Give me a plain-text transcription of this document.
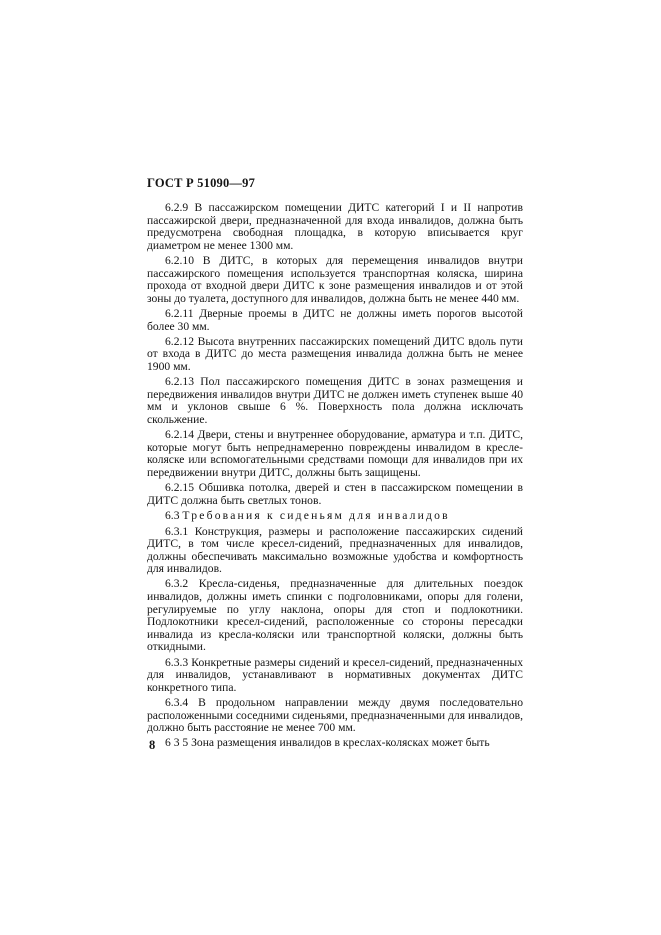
ГОСТ Р 51090—97

6.2.9 В пассажирском помещении ДИТС категорий I и II напротив пассажирской двери, предназначенной для входа инвалидов, должна быть предусмотрена свободная площадка, в которую вписывается круг диаметром не менее 1300 мм.

6.2.10 В ДИТС, в которых для перемещения инвалидов внутри пассажирского помещения используется транспортная коляска, ширина прохода от входной двери ДИТС к зоне размещения инвалидов и от этой зоны до туалета, доступного для инвалидов, должна быть не менее 440 мм.

6.2.11 Дверные проемы в ДИТС не должны иметь порогов высотой более 30 мм.

6.2.12 Высота внутренних пассажирских помещений ДИТС вдоль пути от входа в ДИТС до места размещения инвалида должна быть не менее 1900 мм.

6.2.13 Пол пассажирского помещения ДИТС в зонах размещения и передвижения инвалидов внутри ДИТС не должен иметь ступенек выше 40 мм и уклонов свыше 6 %. Поверхность пола должна исключать скольжение.

6.2.14 Двери, стены и внутреннее оборудование, арматура и т.п. ДИТС, которые могут быть непреднамеренно повреждены инвалидом в кресле-коляске или вспомогательными средствами помощи для инвалидов при их передвижении внутри ДИТС, должны быть защищены.

6.2.15 Обшивка потолка, дверей и стен в пассажирском помещении в ДИТС должна быть светлых тонов.

6.3 Требования к сиденьям для инвалидов

6.3.1 Конструкция, размеры и расположение пассажирских сидений ДИТС, в том числе кресел-сидений, предназначенных для инвалидов, должны обеспечивать максимально возможные удобства и комфортность для инвалидов.

6.3.2 Кресла-сиденья, предназначенные для длительных поездок инвалидов, должны иметь спинки с подголовниками, опоры для голени, регулируемые по углу наклона, опоры для стоп и подлокотники. Подлокотники кресел-сидений, расположенные со стороны пересадки инвалида из кресла-коляски или транспортной коляски, должны быть откидными.

6.3.3 Конкретные размеры сидений и кресел-сидений, предназначенных для инвалидов, устанавливают в нормативных документах ДИТС конкретного типа.

6.3.4 В продольном направлении между двумя последовательно расположенными соседними сиденьями, предназначенными для инвалидов, должно быть расстояние не менее 700 мм.

6 3 5 Зона размещения инвалидов в креслах-колясках может быть

8
